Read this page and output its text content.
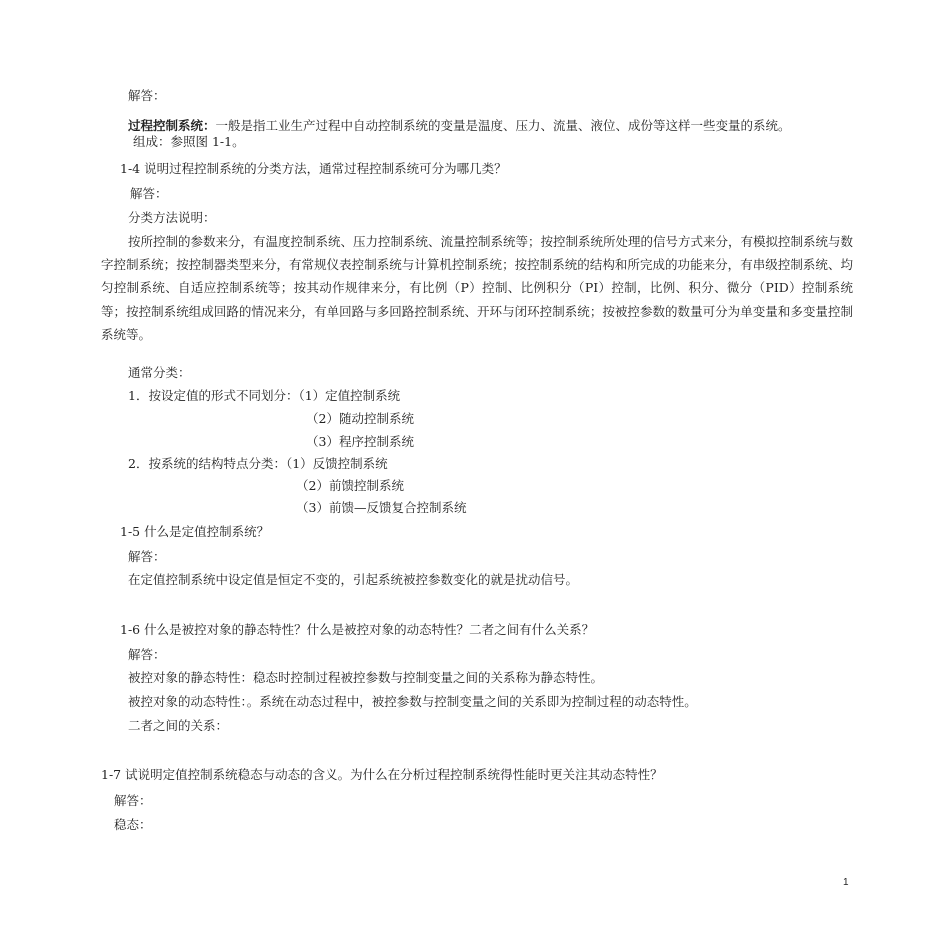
解答：
过程控制系统：一般是指工业生产过程中自动控制系统的变量是温度、压力、流量、液位、成份等这样一些变量的系统。
组成：参照图 1-1。
1-4 说明过程控制系统的分类方法，通常过程控制系统可分为哪几类？
解答：
分类方法说明：
按所控制的参数来分，有温度控制系统、压力控制系统、流量控制系统等；按控制系统所处理的信号方式来分，有模拟控制系统与数字控制系统；按控制器类型来分，有常规仪表控制系统与计算机控制系统；按控制系统的结构和所完成的功能来分，有串级控制系统、均匀控制系统、自适应控制系统等；按其动作规律来分，有比例（P）控制、比例积分（PI）控制，比例、积分、微分（PID）控制系统等；按控制系统组成回路的情况来分，有单回路与多回路控制系统、开环与闭环控制系统；按被控参数的数量可分为单变量和多变量控制系统等。
通常分类：
1．按设定值的形式不同划分：（1）定值控制系统
（2）随动控制系统
（3）程序控制系统
2．按系统的结构特点分类：（1）反馈控制系统
（2）前馈控制系统
（3）前馈—反馈复合控制系统
1-5 什么是定值控制系统？
解答：
在定值控制系统中设定值是恒定不变的，引起系统被控参数变化的就是扰动信号。
1-6 什么是被控对象的静态特性？什么是被控对象的动态特性？二者之间有什么关系？
解答：
被控对象的静态特性：稳态时控制过程被控参数与控制变量之间的关系称为静态特性。
被控对象的动态特性：。系统在动态过程中，被控参数与控制变量之间的关系即为控制过程的动态特性。
二者之间的关系：
1-7 试说明定值控制系统稳态与动态的含义。为什么在分析过程控制系统得性能时更关注其动态特性？
解答：
稳态：
1
